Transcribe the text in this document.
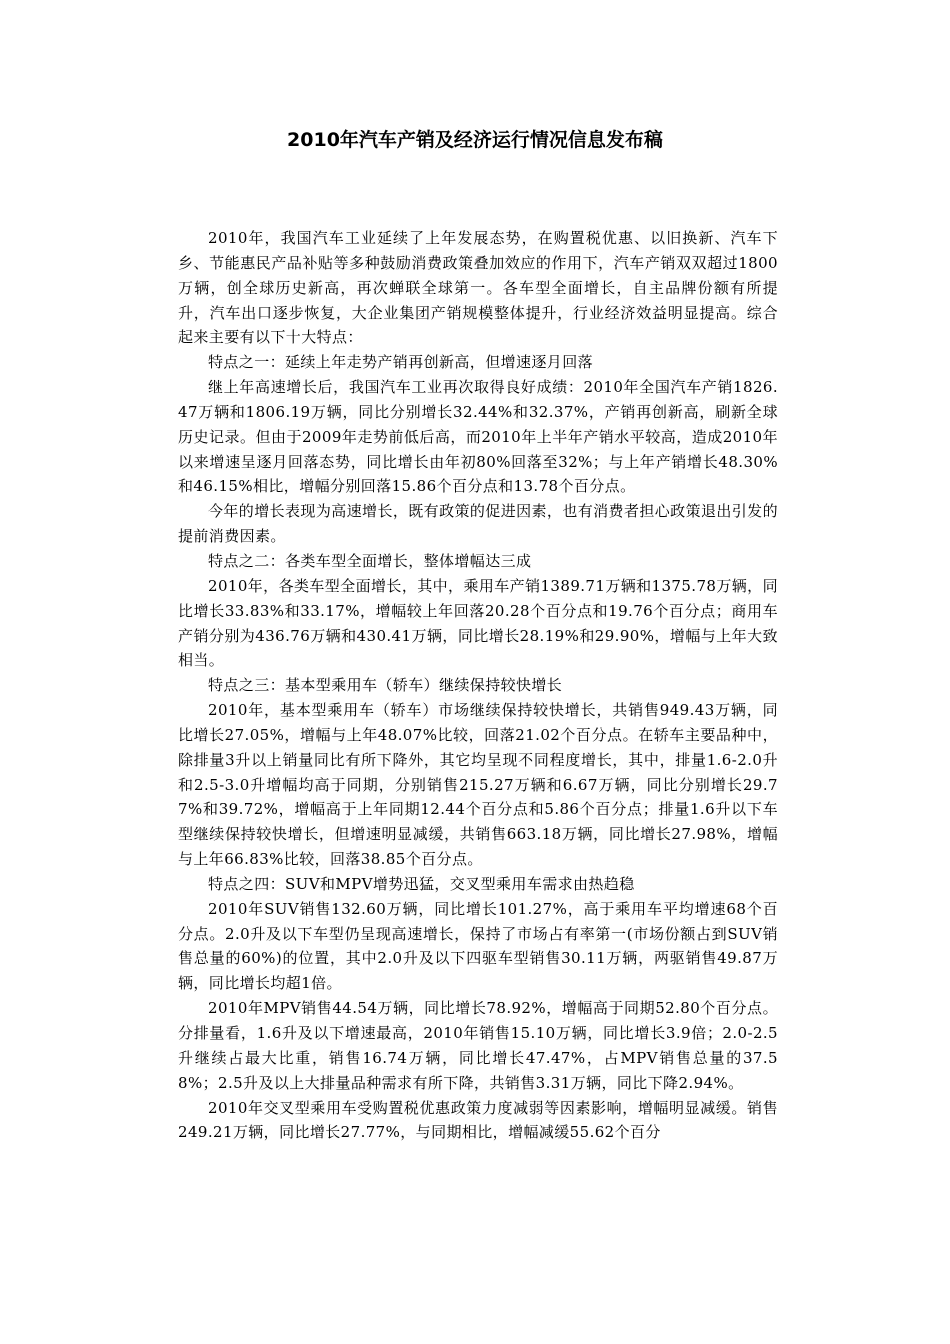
2010年汽车产销及经济运行情况信息发布稿

2010年，我国汽车工业延续了上年发展态势，在购置税优惠、以旧换新、汽车下乡、节能惠民产品补贴等多种鼓励消费政策叠加效应的作用下，汽车产销双双超过1800万辆，创全球历史新高，再次蝉联全球第一。各车型全面增长，自主品牌份额有所提升，汽车出口逐步恢复，大企业集团产销规模整体提升，行业经济效益明显提高。综合起来主要有以下十大特点：

特点之一：延续上年走势产销再创新高，但增速逐月回落

继上年高速增长后，我国汽车工业再次取得良好成绩：2010年全国汽车产销1826.47万辆和1806.19万辆，同比分别增长32.44%和32.37%，产销再创新高，刷新全球历史记录。但由于2009年走势前低后高，而2010年上半年产销水平较高，造成2010年以来增速呈逐月回落态势，同比增长由年初80%回落至32%；与上年产销增长48.30%和46.15%相比，增幅分别回落15.86个百分点和13.78个百分点。

今年的增长表现为高速增长，既有政策的促进因素，也有消费者担心政策退出引发的提前消费因素。

特点之二：各类车型全面增长，整体增幅达三成

2010年，各类车型全面增长，其中，乘用车产销1389.71万辆和1375.78万辆，同比增长33.83%和33.17%，增幅较上年回落20.28个百分点和19.76个百分点；商用车产销分别为436.76万辆和430.41万辆，同比增长28.19%和29.90%，增幅与上年大致相当。

特点之三：基本型乘用车（轿车）继续保持较快增长

2010年，基本型乘用车（轿车）市场继续保持较快增长，共销售949.43万辆，同比增长27.05%，增幅与上年48.07%比较，回落21.02个百分点。在轿车主要品种中，除排量3升以上销量同比有所下降外，其它均呈现不同程度增长，其中，排量1.6-2.0升和2.5-3.0升增幅均高于同期，分别销售215.27万辆和6.67万辆，同比分别增长29.77%和39.72%，增幅高于上年同期12.44个百分点和5.86个百分点；排量1.6升以下车型继续保持较快增长，但增速明显减缓，共销售663.18万辆，同比增长27.98%，增幅与上年66.83%比较，回落38.85个百分点。

特点之四：SUV和MPV增势迅猛，交叉型乘用车需求由热趋稳

2010年SUV销售132.60万辆，同比增长101.27%，高于乘用车平均增速68个百分点。2.0升及以下车型仍呈现高速增长，保持了市场占有率第一(市场份额占到SUV销售总量的60%)的位置，其中2.0升及以下四驱车型销售30.11万辆，两驱销售49.87万辆，同比增长均超1倍。

2010年MPV销售44.54万辆，同比增长78.92%，增幅高于同期52.80个百分点。分排量看，1.6升及以下增速最高，2010年销售15.10万辆，同比增长3.9倍；2.0-2.5升继续占最大比重，销售16.74万辆，同比增长47.47%，占MPV销售总量的37.58%；2.5升及以上大排量品种需求有所下降，共销售3.31万辆，同比下降2.94%。

2010年交叉型乘用车受购置税优惠政策力度减弱等因素影响，增幅明显减缓。销售249.21万辆，同比增长27.77%，与同期相比，增幅减缓55.62个百分
